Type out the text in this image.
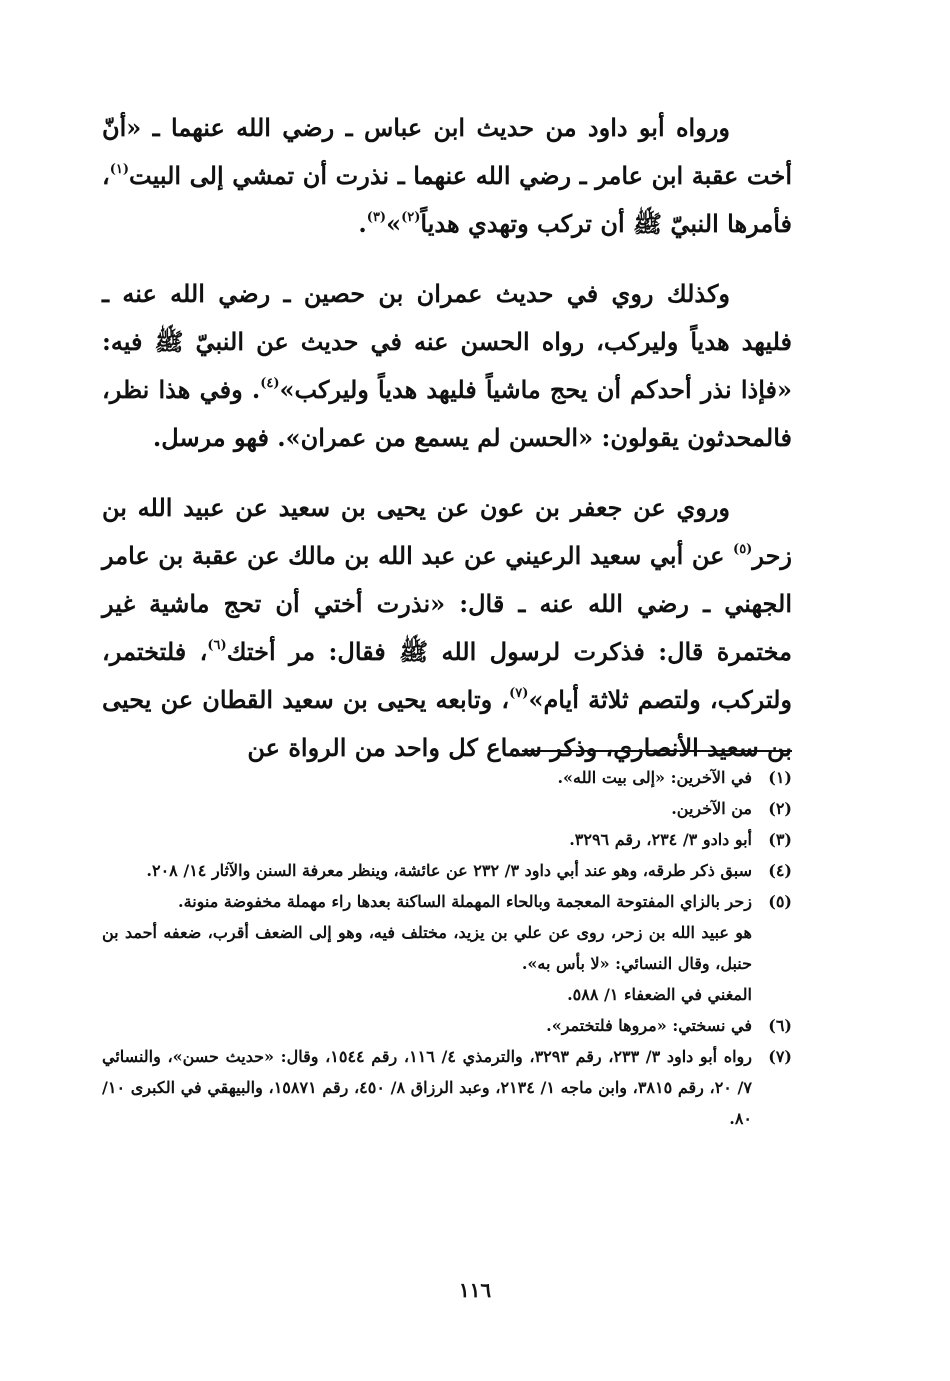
ورواه أبو داود من حديث ابن عباس ـ رضي الله عنهما ـ «أنّ أخت عقبة ابن عامر ـ رضي الله عنهما ـ نذرت أن تمشي إلى البيت$^{(١)}$، فأمرها النبيّ ﷺ أن تركب وتهدي هدياً$^{(٢)}$»$^{(٣)}$.

وكذلك روي في حديث عمران بن حصين ـ رضي الله عنه ـ فليهد هدياً وليركب، رواه الحسن عنه في حديث عن النبيّ ﷺ فيه: «فإذا نذر أحدكم أن يحج ماشياً فليهد هدياً وليركب»$^{(٤)}$. وفي هذا نظر، فالمحدثون يقولون: «الحسن لم يسمع من عمران». فهو مرسل.

وروي عن جعفر بن عون عن يحيى بن سعيد عن عبيد الله بن زحر$^{(٥)}$ عن أبي سعيد الرعيني عن عبد الله بن مالك عن عقبة بن عامر الجهني ـ رضي الله عنه ـ قال: «نذرت أختي أن تحج ماشية غير مختمرة قال: فذكرت لرسول الله ﷺ فقال: مر أختك$^{(٦)}$، فلتختمر، ولتركب، ولتصم ثلاثة أيام»$^{(٧)}$، وتابعه يحيى بن سعيد القطان عن يحيى بن سعيد الأنصاري، وذكر سماع كل واحد من الرواة عن

(١)
في الآخرين: «إلى بيت الله».
(٢)
من الآخرين.
(٣)
أبو دادو ٣/ ٢٣٤، رقم ٣٢٩٦.
(٤)
سبق ذكر طرقه، وهو عند أبي داود ٣/ ٢٣٢ عن عائشة، وينظر معرفة السنن والآثار ١٤/ ٢٠٨.
(٥)
زحر بالزاي المفتوحة المعجمة وبالحاء المهملة الساكنة بعدها راء مهملة مخفوضة منونة.
هو عبيد الله بن زحر، روى عن علي بن يزيد، مختلف فيه، وهو إلى الضعف أقرب، ضعفه أحمد بن حنبل، وقال النسائي: «لا بأس به».
المغني في الضعفاء ١/ ٥٨٨.
(٦)
في نسختي: «مروها فلتختمر».
(٧)
رواه أبو داود ٣/ ٢٣٣، رقم ٣٢٩٣، والترمذي ٤/ ١١٦، رقم ١٥٤٤، وقال: «حديث حسن»، والنسائي ٧/ ٢٠، رقم ٣٨١٥، وابن ماجه ١/ ٢١٣٤، وعبد الرزاق ٨/ ٤٥٠، رقم ١٥٨٧١، والبيهقي في الكبرى ١٠/ ٨٠.
١١٦
